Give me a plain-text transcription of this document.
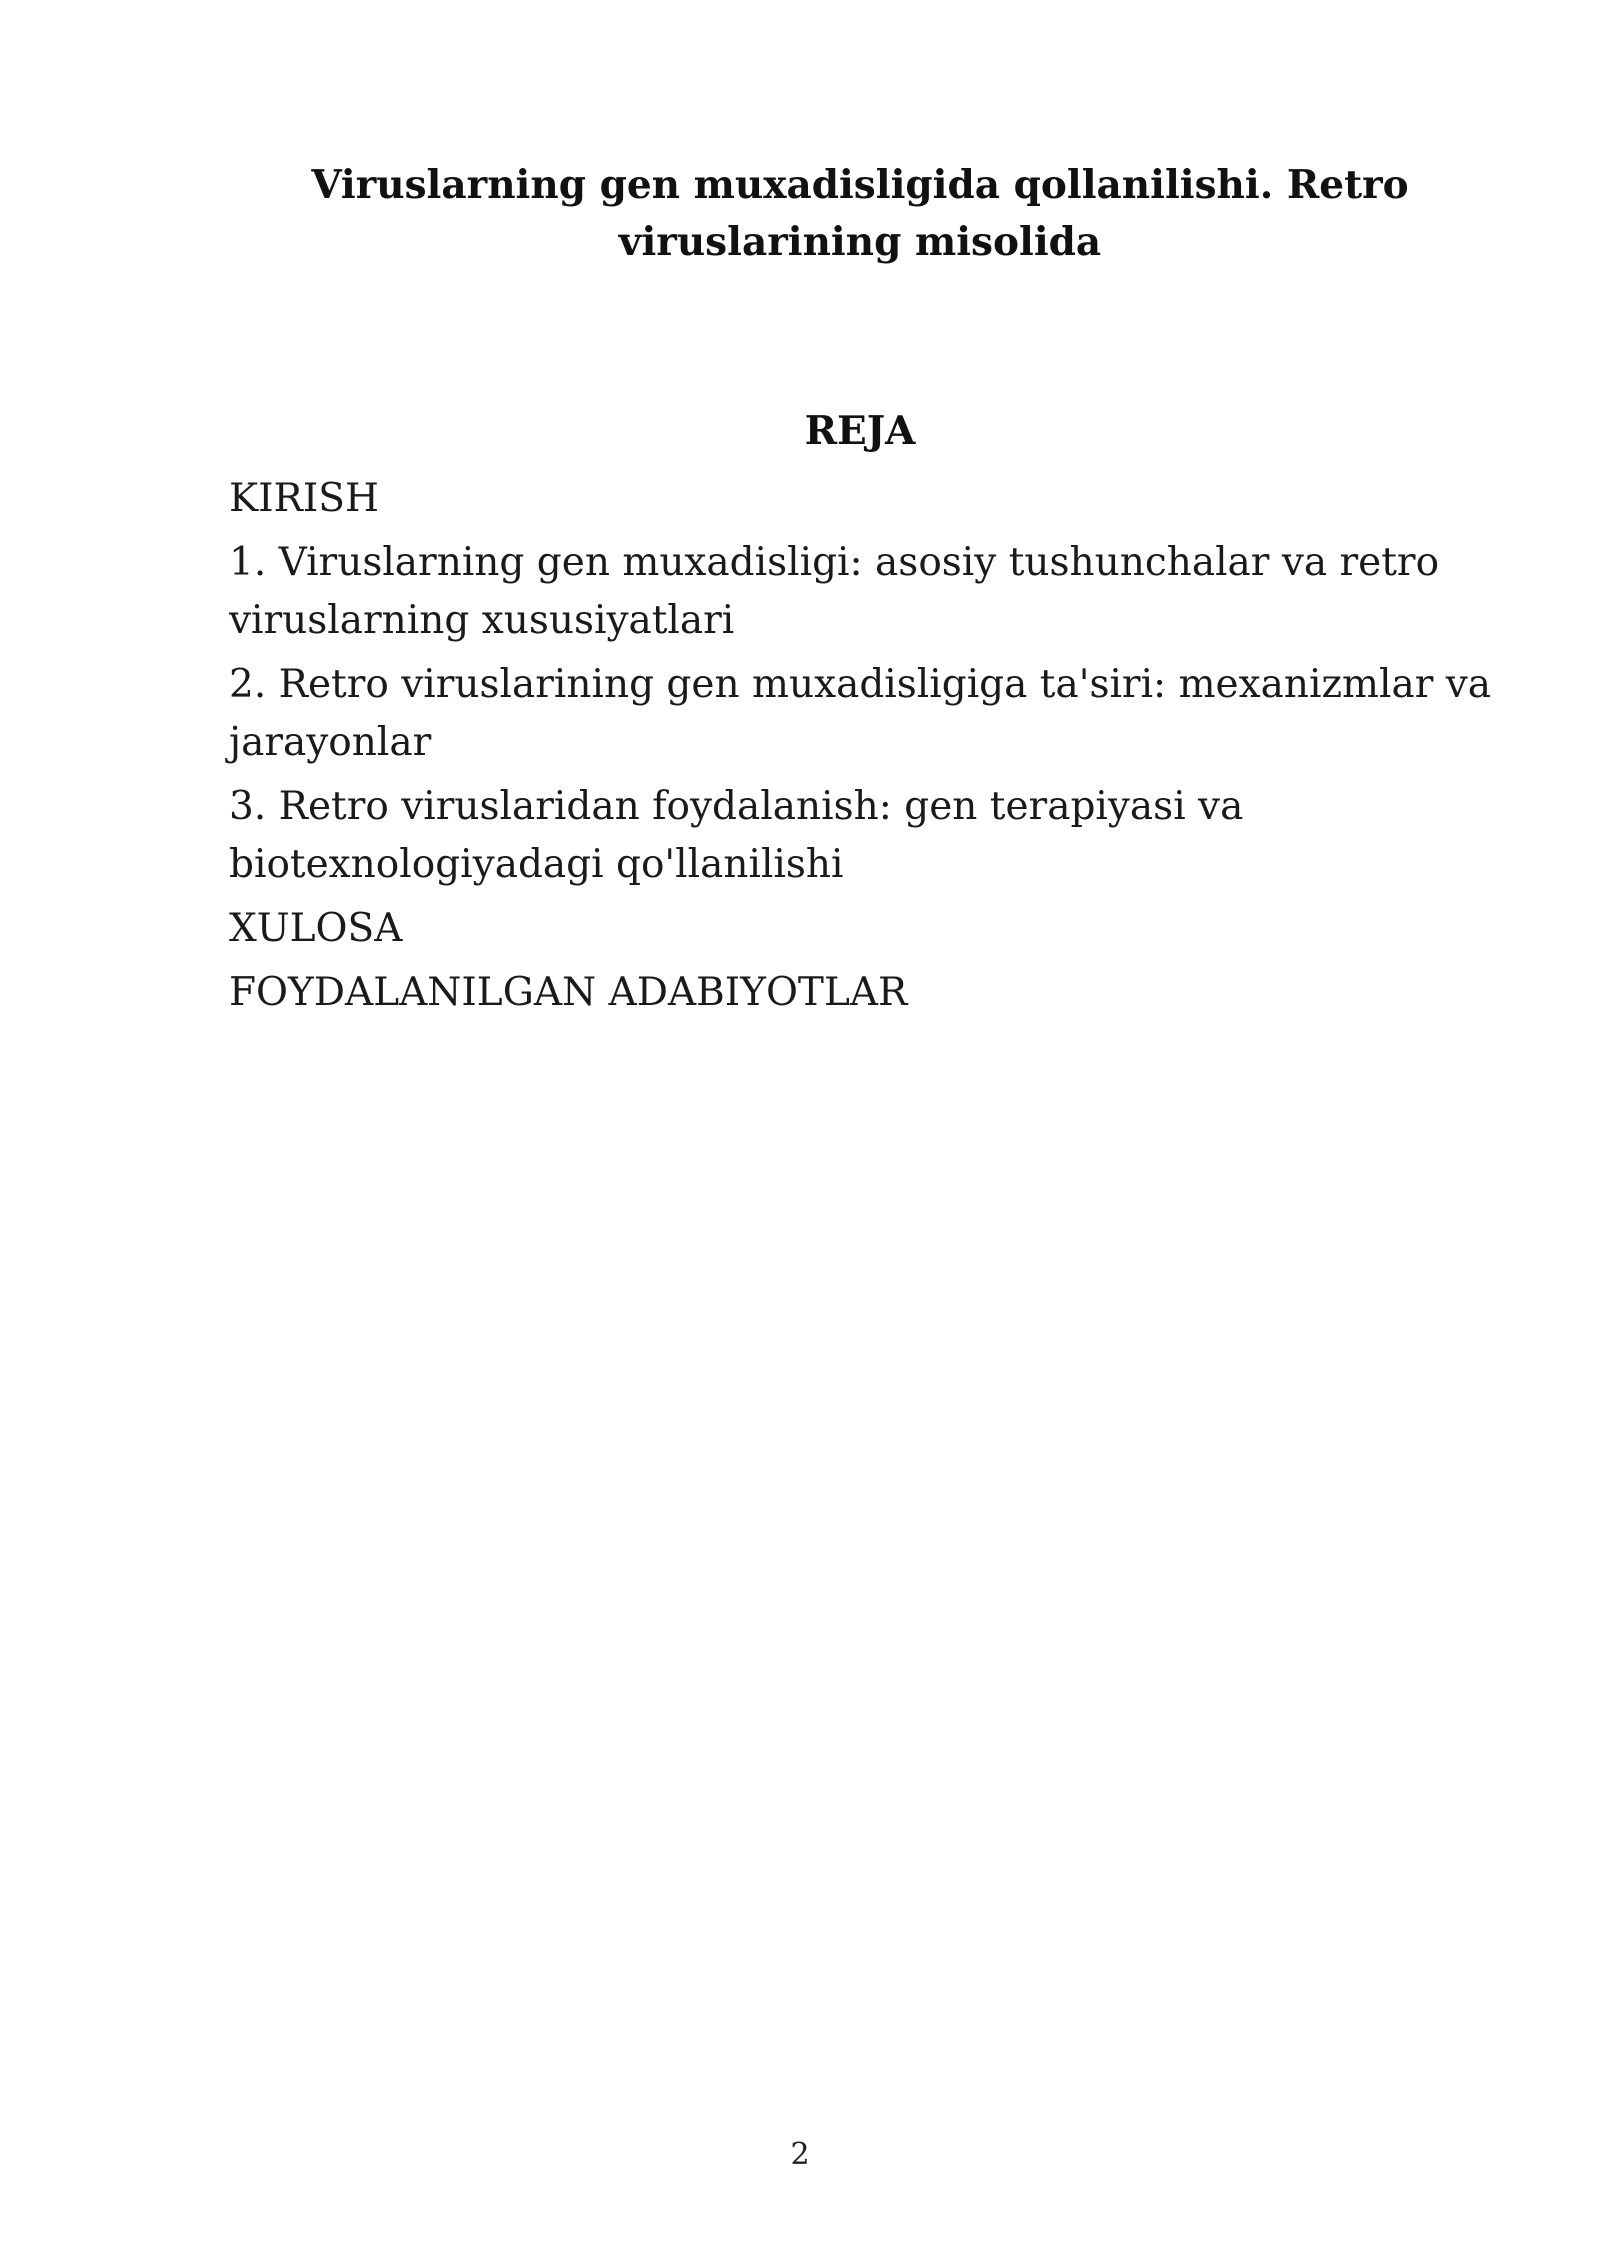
Viruslarning gen muxadisligida qollanilishi. Retro
viruslarining misolida
REJA
KIRISH
1. Viruslarning gen muxadisligi: asosiy tushunchalar va retro viruslarning xususiyatlari
2. Retro viruslarining gen muxadisligiga ta'siri: mexanizmlar va jarayonlar
3. Retro viruslaridan foydalanish: gen terapiyasi va biotexnologiyadagi qo'llanilishi
XULOSA
FOYDALANILGAN ADABIYOTLAR
2
